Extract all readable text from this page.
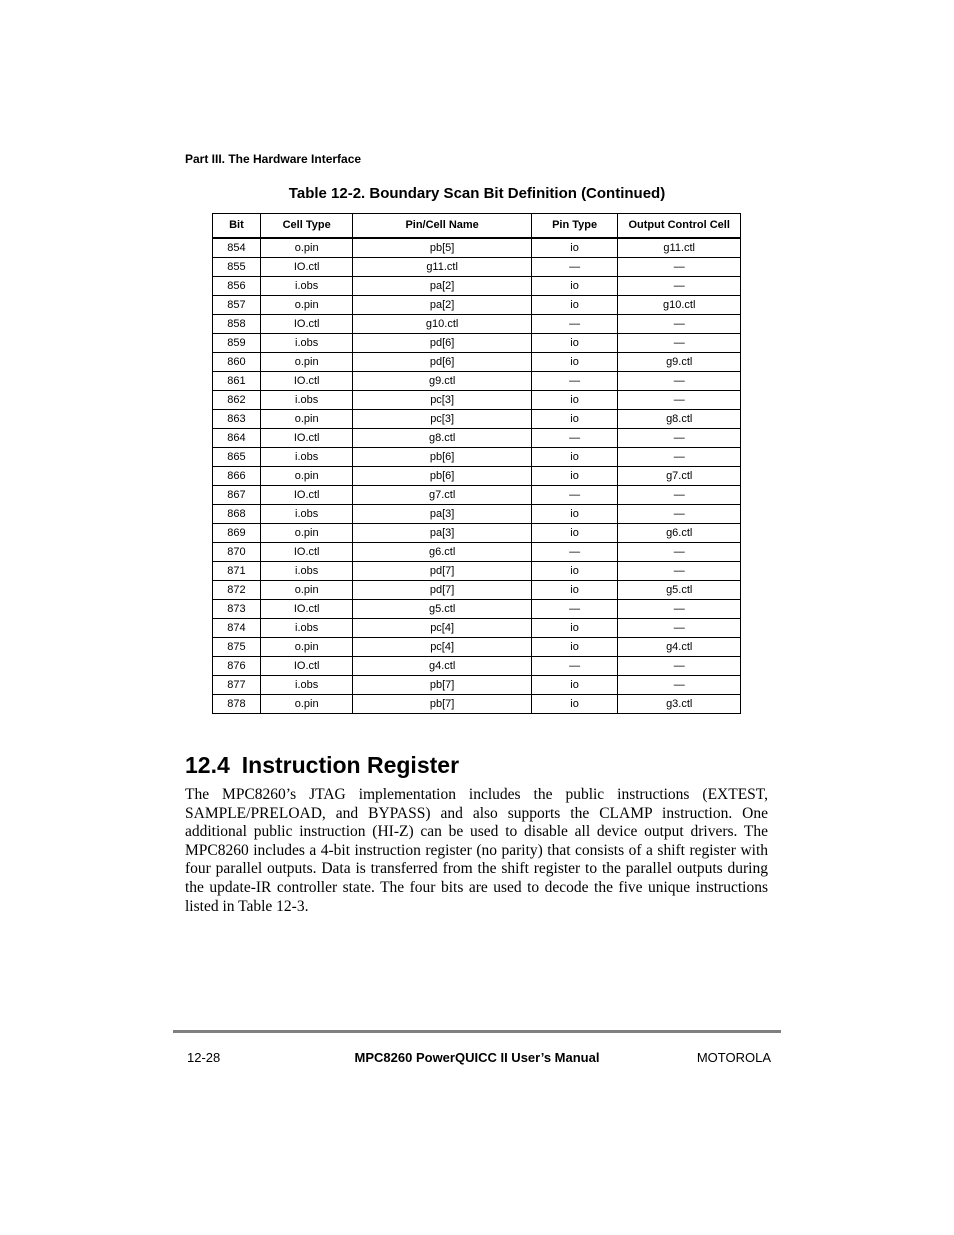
Part III. The Hardware Interface
Table 12-2. Boundary Scan Bit Definition (Continued)
Bit	Cell Type	Pin/Cell Name	Pin Type	Output Control Cell
854	o.pin	pb[5]	io	g11.ctl
855	IO.ctl	g11.ctl	—	—
856	i.obs	pa[2]	io	—
857	o.pin	pa[2]	io	g10.ctl
858	IO.ctl	g10.ctl	—	—
859	i.obs	pd[6]	io	—
860	o.pin	pd[6]	io	g9.ctl
861	IO.ctl	g9.ctl	—	—
862	i.obs	pc[3]	io	—
863	o.pin	pc[3]	io	g8.ctl
864	IO.ctl	g8.ctl	—	—
865	i.obs	pb[6]	io	—
866	o.pin	pb[6]	io	g7.ctl
867	IO.ctl	g7.ctl	—	—
868	i.obs	pa[3]	io	—
869	o.pin	pa[3]	io	g6.ctl
870	IO.ctl	g6.ctl	—	—
871	i.obs	pd[7]	io	—
872	o.pin	pd[7]	io	g5.ctl
873	IO.ctl	g5.ctl	—	—
874	i.obs	pc[4]	io	—
875	o.pin	pc[4]	io	g4.ctl
876	IO.ctl	g4.ctl	—	—
877	i.obs	pb[7]	io	—
878	o.pin	pb[7]	io	g3.ctl
12.4 Instruction Register

The MPC8260’s JTAG implementation includes the public instructions (EXTEST, SAMPLE/PRELOAD, and BYPASS) and also supports the CLAMP instruction. One additional public instruction (HI-Z) can be used to disable all device output drivers. The MPC8260 includes a 4-bit instruction register (no parity) that consists of a shift register with four parallel outputs. Data is transferred from the shift register to the parallel outputs during the update-IR controller state. The four bits are used to decode the five unique instructions listed in Table 12-3.

12-28	MPC8260 PowerQUICC II User’s Manual	MOTOROLA
